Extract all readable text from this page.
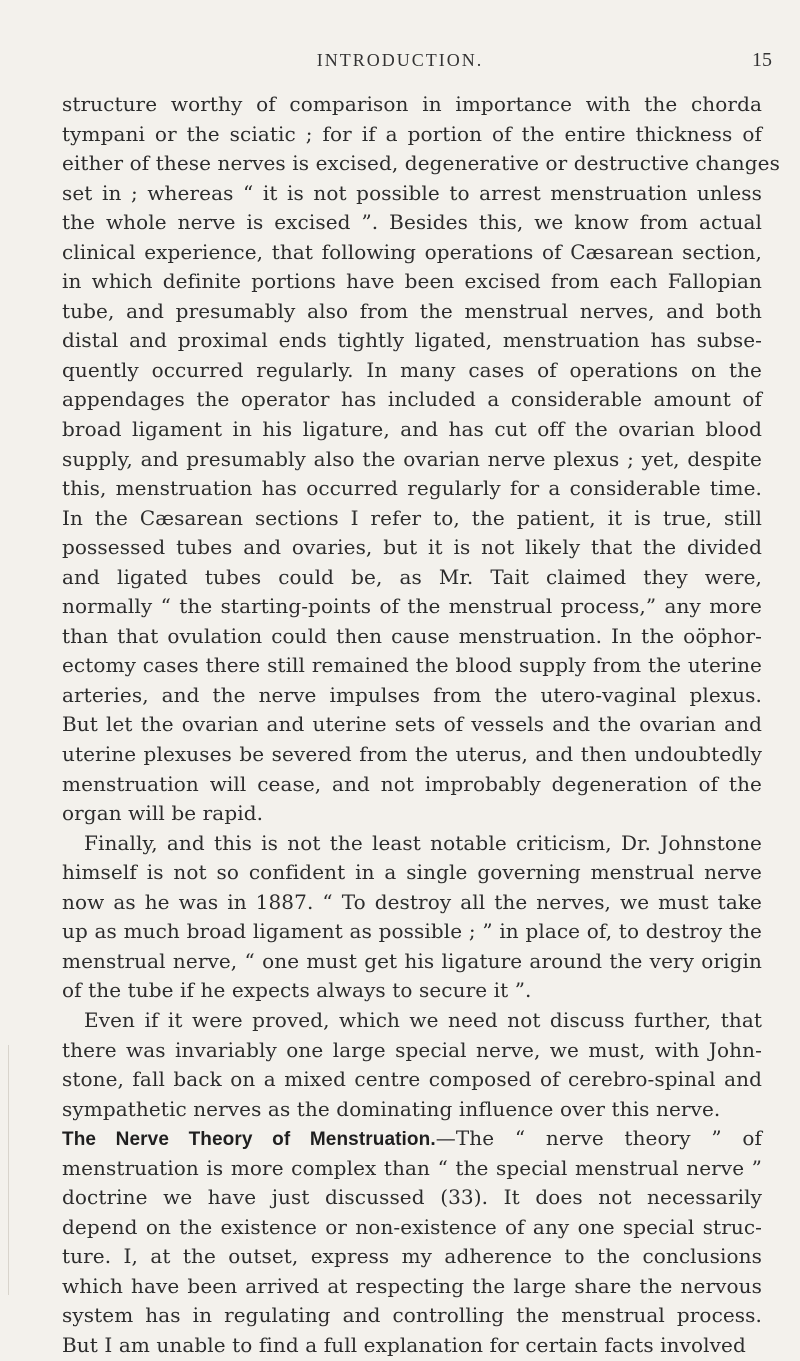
INTRODUCTION.	15
structure worthy of comparison in importance with the chorda
tympani or the sciatic ; for if a portion of the entire thickness of
either of these nerves is excised, degenerative or destructive changes
set in ; whereas “ it is not possible to arrest menstruation unless
the whole nerve is excised ”. Besides this, we know from actual
clinical experience, that following operations of Cæsarean section,
in which definite portions have been excised from each Fallopian
tube, and presumably also from the menstrual nerves, and both
distal and proximal ends tightly ligated, menstruation has subse-
quently occurred regularly. In many cases of operations on the
appendages the operator has included a considerable amount of
broad ligament in his ligature, and has cut off the ovarian blood
supply, and presumably also the ovarian nerve plexus ; yet, despite
this, menstruation has occurred regularly for a considerable time.
In the Cæsarean sections I refer to, the patient, it is true, still
possessed tubes and ovaries, but it is not likely that the divided
and ligated tubes could be, as Mr. Tait claimed they were,
normally “ the starting-points of the menstrual process,” any more
than that ovulation could then cause menstruation. In the oöphor-
ectomy cases there still remained the blood supply from the uterine
arteries, and the nerve impulses from the utero-vaginal plexus.
But let the ovarian and uterine sets of vessels and the ovarian and
uterine plexuses be severed from the uterus, and then undoubtedly
menstruation will cease, and not improbably degeneration of the
organ will be rapid.
Finally, and this is not the least notable criticism, Dr. Johnstone
himself is not so confident in a single governing menstrual nerve
now as he was in 1887. “ To destroy all the nerves, we must take
up as much broad ligament as possible ; ” in place of, to destroy the
menstrual nerve, “ one must get his ligature around the very origin
of the tube if he expects always to secure it ”.
Even if it were proved, which we need not discuss further, that
there was invariably one large special nerve, we must, with John-
stone, fall back on a mixed centre composed of cerebro-spinal and
sympathetic nerves as the dominating influence over this nerve.
The Nerve Theory of Menstruation.—The “ nerve theory ” of
menstruation is more complex than “ the special menstrual nerve ”
doctrine we have just discussed (33). It does not necessarily
depend on the existence or non-existence of any one special struc-
ture. I, at the outset, express my adherence to the conclusions
which have been arrived at respecting the large share the nervous
system has in regulating and controlling the menstrual process.
But I am unable to find a full explanation for certain facts involved
